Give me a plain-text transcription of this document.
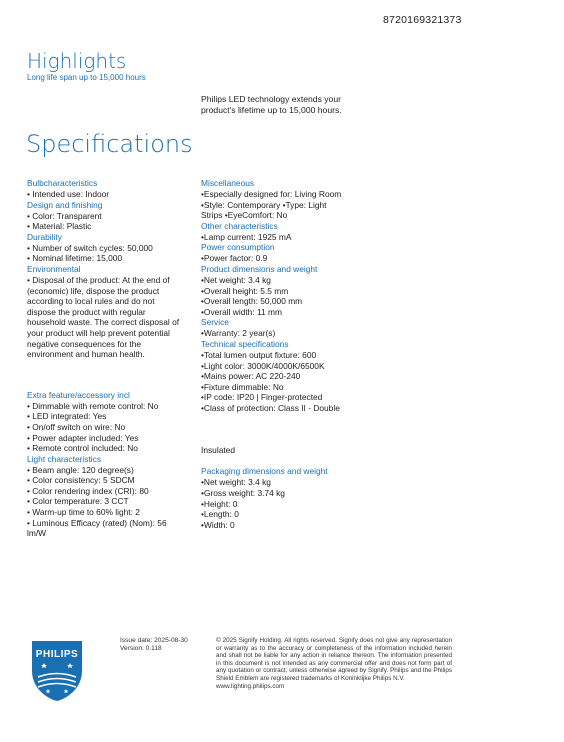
8720169321373
Highlights
Long life span up to 15,000 hours
Philips LED technology extends your product's lifetime up to 15,000 hours.
Specifications
Bulbcharacteristics
• Intended use: Indoor
Design and finishing
• Color: Transparent
• Material: Plastic
Durability
• Number of switch cycles: 50,000
• Nominal lifetime: 15,000
Environmental
• Disposal of the product: At the end of (economic) life, dispose the product according to local rules and do not dispose the product with regular household waste. The correct disposal of your product will help prevent potential negative consequences for the environment and human health.
Extra feature/accessory incl
• Dimmable with remote control: No
• LED integrated: Yes
• On/off switch on wire: No
• Power adapter included: Yes
• Remote control included: No
Light characteristics
• Beam angle: 120 degree(s)
• Color consistency: 5 SDCM
• Color rendering index (CRI): 80
• Color temperature: 3 CCT
• Warm-up time to 60% light: 2
• Luminous Efficacy (rated) (Nom): 56
lm/W
Miscellaneous
•Especially designed for: Living Room
•Style: Contemporary •Type: Light
Strips •EyeComfort: No
Other characteristics
•Lamp current: 1925 mA
Power consumption
•Power factor: 0.9
Product dimensions and weight
•Net weight: 3.4 kg
•Overall height: 5.5 mm
•Overall length: 50,000 mm
•Overall width: 11 mm
Service
•Warranty: 2 year(s)
Technical specifications
•Total lumen output fixture: 600
•Light color: 3000K/4000K/6500K
•Mains power: AC 220-240
•Fixture dimmable: No
•IP code: IP20 | Finger-protected
•Class of protection: Class II - Double

Insulated

Packaging dimensions and weight
•Net weight: 3.4 kg
•Gross weight: 3.74 kg
•Height: 0
•Length: 0
•Width: 0
PHILIPS
Issue date: 2025-08-30
Version: 0.118
© 2025 Signify Holding. All rights reserved. Signify does not give any representation or warranty as to the accuracy or completeness of the information included herein and shall not be liable for any action in reliance thereon. The information presented in this document is not intended as any commercial offer and does not form part of any quotation or contract, unless otherwise agreed by Signify. Philips and the Philips Shield Emblem are registered trademarks of Koninklijke Philips N.V.
www.lighting.philips.com
